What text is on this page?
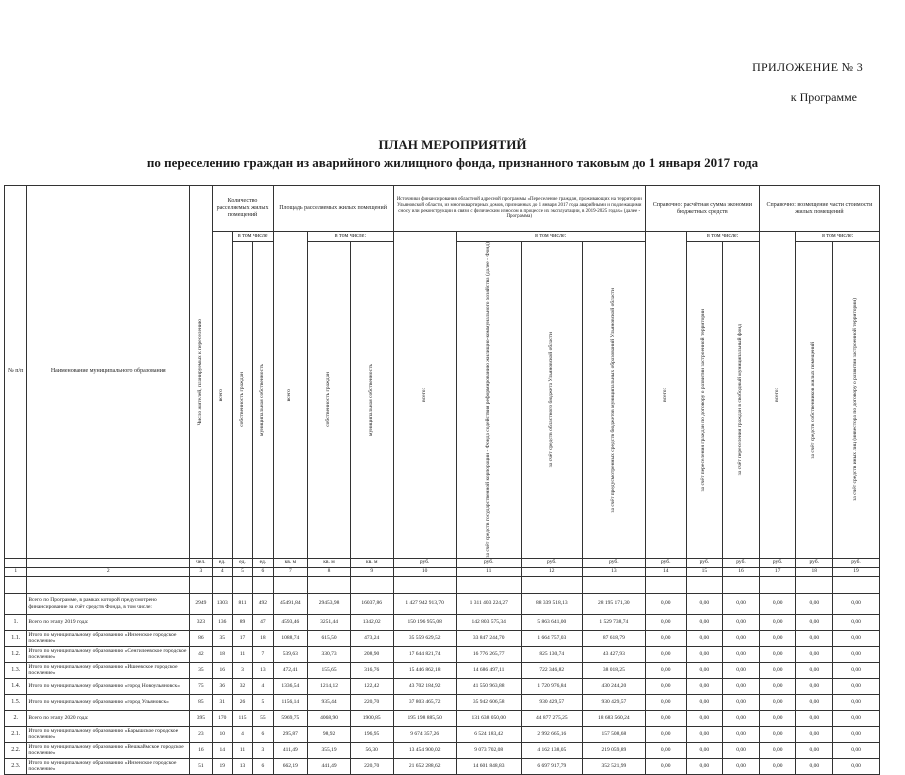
ПРИЛОЖЕНИЕ № 3
к Программе
ПЛАН МЕРОПРИЯТИЙ
по переселению граждан из аварийного жилищного фонда, признанного таковым до 1 января 2017 года
№ п/п	Наименование муниципального образования	Число жителей, планируемых к переселению	Количество расселяемых жилых помещений			Площадь расселяемых жилых помещений			Источники финансирования областной адресной программы «Переселение граждан, проживающих на территории Ульяновской области, из многоквартирных домов, признанных до 1 января 2017 года аварийными и подлежащими сносу или реконструкции в связи с физическим износом в процессе их эксплуатации, в 2019-2025 годах» (далее - Программа)				Справочно: расчётная сумма экономии бюджетных средств			Справочно: возмещение части стоимости жилых помещений		

			всего	в том числе		всего	в том числе:		всего:	в том числе:			всего:	в том числе:		всего:	в том числе:	

				собственность граждан	муниципальная собственность		собственность граждан	муниципальная собственность		за счёт средств государственной корпорации - Фонда содействия реформированию жилищно-коммунального хозяйства (далее - Фонд)	за счёт средств областного бюджета Ульяновской области	за счёт предусмотренных средств бюджетов муниципальных образований Ульяновской области		за счёт переселения граждан по договору о развитии застроенной территории	за счёт переселения граждан в свободный муниципальный фонд		за счёт средств собственников жилых помещений	за счёт средств иных лиц (инвестора по договору о развитии застроенной территории)

		чел.	ед.	ед.	ед.	кв. м	кв. м	кв. м	руб.	руб.	руб.	руб.	руб.	руб.	руб.	руб.	руб.	руб.
1	2	3	4	5	6	7	8	9	10	11	12	13	14	15	16	17	18	19

	Всего по Программе, в рамках которой предусмотрено финансирование за счёт средств Фонда, в том числе:	2949	1303	811	492	45491,84	29453,98	16037,86	1 427 942 913,70	1 311 403 224,27	88 339 518,13	28 195 171,30	0,00	0,00	0,00	0,00	0,00	0,00
1.	Всего по этапу 2019 года:	323	136	89	47	4593,46	3251,44	1342,02	150 196 955,08	142 803 575,34	5 863 641,00	1 529 738,74	0,00	0,00	0,00	0,00	0,00	0,00
1.1.	Итого по муниципальному образованию «Инзенское городское поселение»	86	35	17	18	1088,74	615,50	473,24	35 559 629,52	33 847 244,70	1 664 757,03	87 618,79	0,00	0,00	0,00	0,00	0,00	0,00
1.2.	Итого по муниципальному образованию «Сенгилеевское городское поселение»	42	18	11	7	539,63	330,73	208,90	17 644 821,74	16 776 265,77	825 130,74	43 427,93	0,00	0,00	0,00	0,00	0,00	0,00
1.3.	Итого по муниципальному образованию «Ишеевское городское поселение»	35	16	3	13	472,41	155,65	316,76	15 446 862,18	14 686 497,11	722 346,82	38 018,25	0,00	0,00	0,00	0,00	0,00	0,00
1.4.	Итого по муниципальному образованию «город Новоульяновск»	75	36	32	4	1336,54	1214,12	122,42	43 702 184,92	41 550 963,88	1 720 976,84	430 244,20	0,00	0,00	0,00	0,00	0,00	0,00
1.5.	Итого по муниципальному образованию «город Ульяновск»	85	31	26	5	1156,14	935,44	220,70	37 803 465,72	35 942 606,58	930 429,57	930 429,57	0,00	0,00	0,00	0,00	0,00	0,00
2.	Всего по этапу 2020 года:	395	170	115	55	5969,75	4068,90	1900,85	195 198 885,50	131 638 050,00	44 877 275,25	18 683 560,24	0,00	0,00	0,00	0,00	0,00	0,00
2.1.	Итого по муниципальному образованию «Барышское городское поселение»	23	10	4	6	295,87	98,92	196,95	9 674 357,26	6 524 183,42	2 992 665,16	157 508,68	0,00	0,00	0,00	0,00	0,00	0,00
2.2.	Итого по муниципальному образованию «Вешкаймское городское поселение»	16	14	11	3	411,49	355,19	56,30	13 454 900,02	9 073 702,08	4 162 138,05	219 059,89	0,00	0,00	0,00	0,00	0,00	0,00
2.3.	Итого по муниципальному образованию «Инзенское городское поселение»	51	19	13	6	662,19	441,49	220,70	21 652 288,62	14 601 848,83	6 697 917,79	352 521,99	0,00	0,00	0,00	0,00	0,00	0,00
